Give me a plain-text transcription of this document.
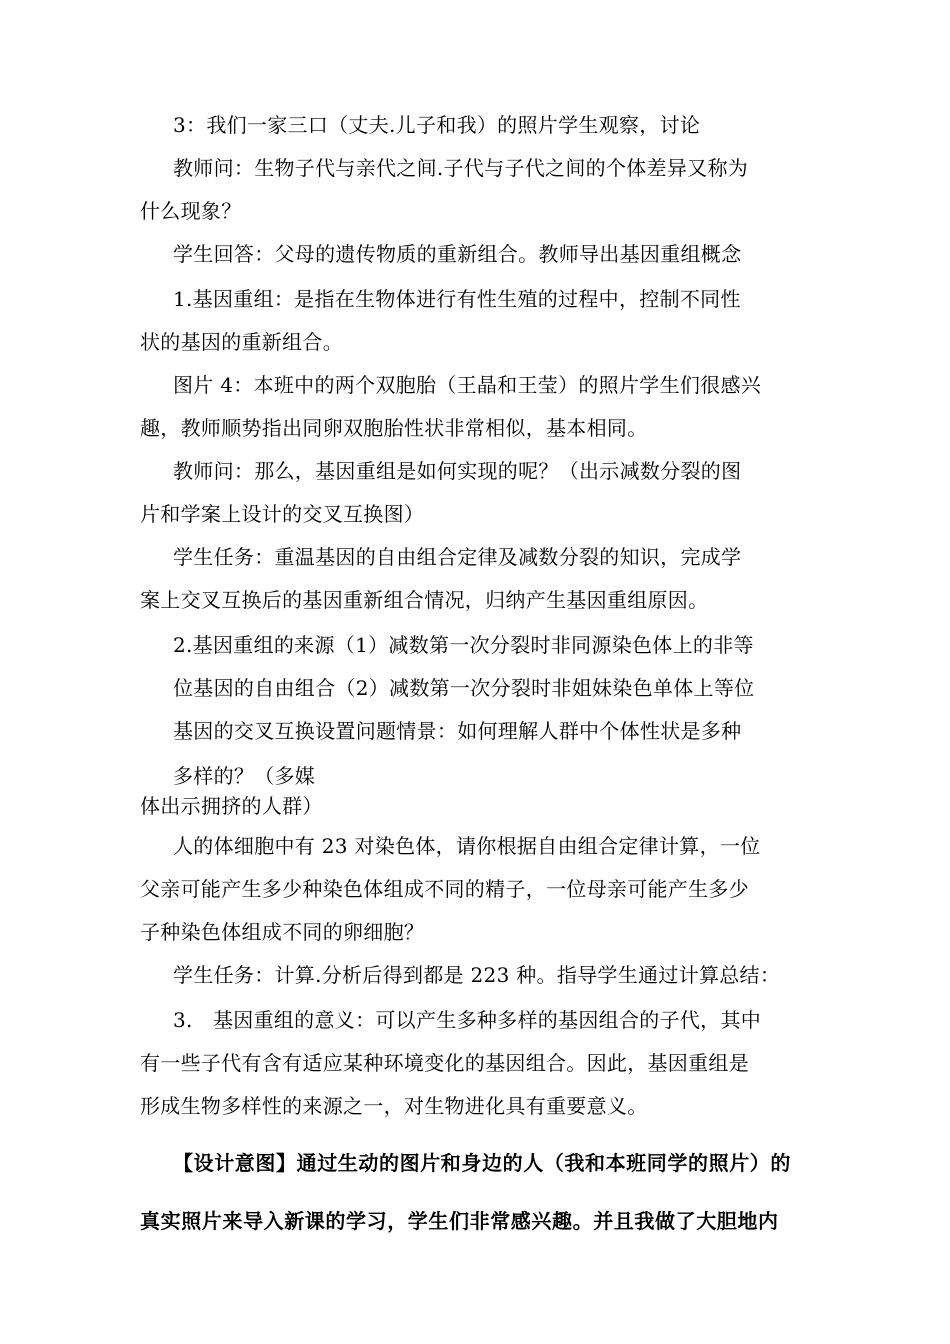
3：我们一家三口（丈夫.儿子和我）的照片学生观察，讨论
教师问：生物子代与亲代之间.子代与子代之间的个体差异又称为
什么现象？
学生回答：父母的遗传物质的重新组合。教师导出基因重组概念
1.基因重组：是指在生物体进行有性生殖的过程中，控制不同性
状的基因的重新组合。
图片 4：本班中的两个双胞胎（王晶和王莹）的照片学生们很感兴
趣，教师顺势指出同卵双胞胎性状非常相似，基本相同。
教师问：那么，基因重组是如何实现的呢？（出示减数分裂的图
片和学案上设计的交叉互换图）
学生任务：重温基因的自由组合定律及减数分裂的知识，完成学
案上交叉互换后的基因重新组合情况，归纳产生基因重组原因。
2.基因重组的来源（1）减数第一次分裂时非同源染色体上的非等
位基因的自由组合（2）减数第一次分裂时非姐妹染色单体上等位
基因的交叉互换设置问题情景：如何理解人群中个体性状是多种
多样的？（多媒
体出示拥挤的人群）
人的体细胞中有 23 对染色体，请你根据自由组合定律计算，一位
父亲可能产生多少种染色体组成不同的精子，一位母亲可能产生多少
子种染色体组成不同的卵细胞？
学生任务：计算.分析后得到都是 223 种。指导学生通过计算总结：
3.　基因重组的意义：可以产生多种多样的基因组合的子代，其中
有一些子代有含有适应某种环境变化的基因组合。因此，基因重组是
形成生物多样性的来源之一，对生物进化具有重要意义。
【设计意图】通过生动的图片和身边的人（我和本班同学的照片）的
真实照片来导入新课的学习，学生们非常感兴趣。并且我做了大胆地内
